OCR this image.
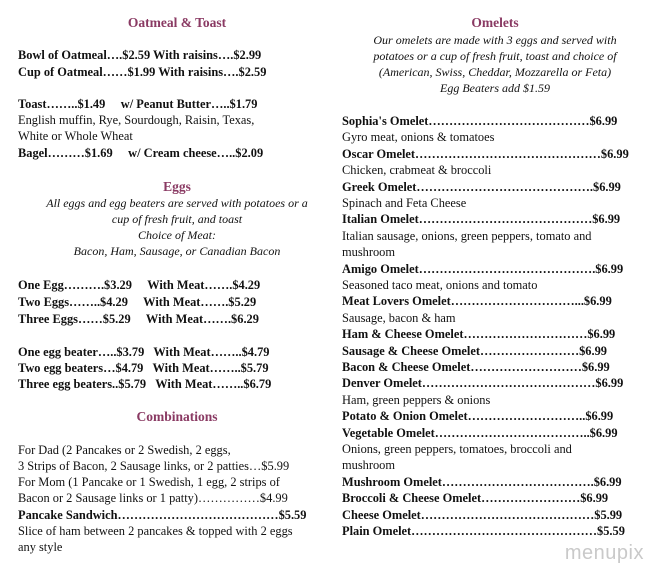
Oatmeal & Toast
Bowl of Oatmeal….$2.59 With raisins….$2.99
Cup of Oatmeal……$1.99 With raisins….$2.59
Toast……..$1.49     w/ Peanut Butter…..$1.79
English muffin, Rye, Sourdough, Raisin, Texas,
White or Whole Wheat
Bagel………$1.69     w/ Cream cheese…..$2.09
Eggs
All eggs and egg beaters are served with potatoes or a
cup of fresh fruit, and toast
Choice of Meat:
Bacon, Ham, Sausage, or Canadian Bacon
One Egg……….$3.29     With Meat…….$4.29
Two Eggs……..$4.29     With Meat…….$5.29
Three Eggs……$5.29     With Meat…….$6.29
One egg beater…..$3.79   With Meat……..$4.79
Two egg beaters…$4.79   With Meat……..$5.79
Three egg beaters..$5.79   With Meat……..$6.79
Combinations
For Dad (2 Pancakes or 2 Swedish, 2 eggs,
3 Strips of Bacon, 2 Sausage links, or 2 patties…$5.99
For Mom (1 Pancake or 1 Swedish, 1 egg, 2 strips of
Bacon or 2 Sausage links or 1 patty)……………$4.99
Pancake Sandwich…………………………………$5.59
Slice of ham between 2 pancakes & topped with 2 eggs
any style
Omelets
Our omelets are made with 3 eggs and served with
potatoes or a cup of fresh fruit, toast and choice of
(American, Swiss, Cheddar, Mozzarella or Feta)
Egg Beaters add $1.59
Sophia's Omelet…………………………………$6.99
Gyro meat, onions & tomatoes
Oscar Omelet………………………………………$6.99
Chicken, crabmeat & broccoli
Greek Omelet…………………………………….$6.99
Spinach and Feta Cheese
Italian Omelet……………………………………$6.99
Italian sausage, onions, green peppers, tomato and
mushroom
Amigo Omelet…………………………………….$6.99
Seasoned taco meat, onions and tomato
Meat Lovers Omelet…………………………...$6.99
Sausage, bacon & ham
Ham & Cheese Omelet…………………………$6.99
Sausage & Cheese Omelet……………………$6.99
Bacon & Cheese Omelet………………………$6.99
Denver Omelet……………………………………$6.99
Ham, green peppers & onions
Potato & Onion Omelet………………………..$6.99
Vegetable Omelet………………………………..$6.99
Onions, green peppers, tomatoes, broccoli and
mushroom
Mushroom Omelet……………………………….$6.99
Broccoli & Cheese Omelet……………………$6.99
Cheese Omelet……………………………………$5.99
Plain Omelet………………………………………$5.59
menupix
